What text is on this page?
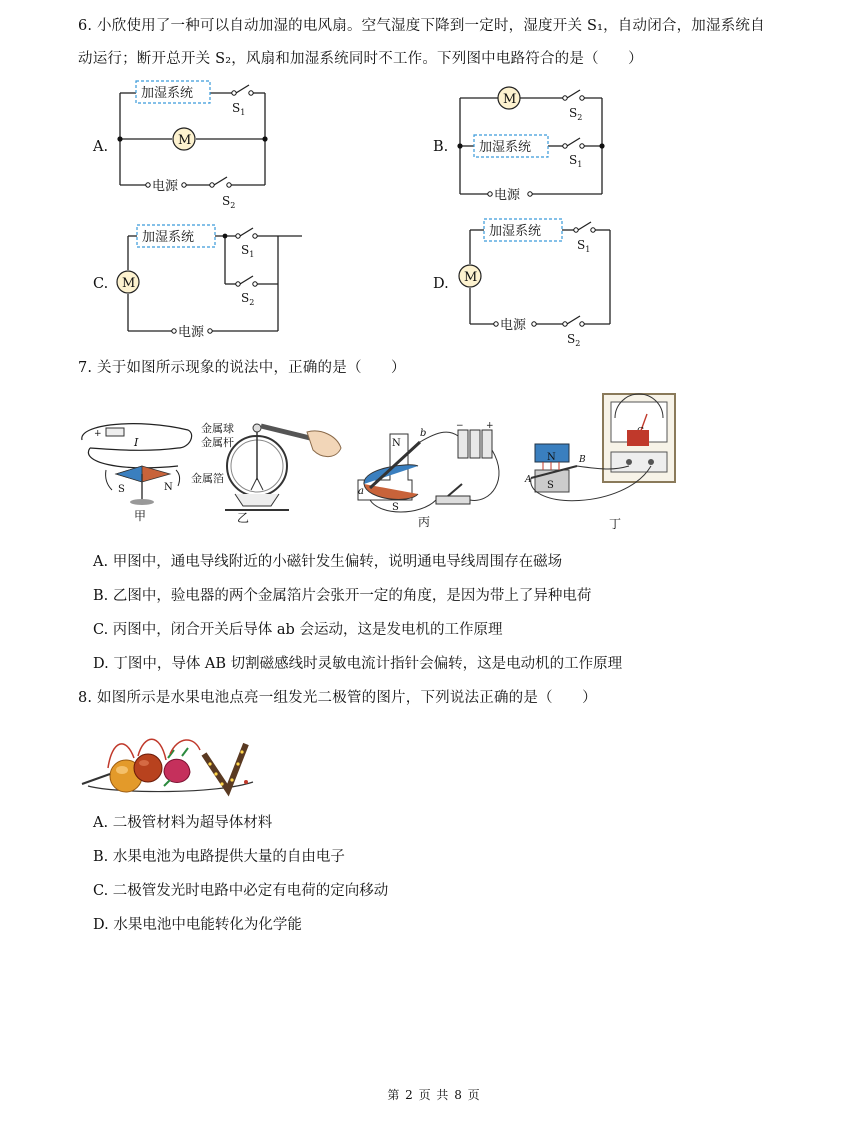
6. 小欣使用了一种可以自动加湿的电风扇。空气湿度下降到一定时，湿度开关 S₁，自动闭合，加湿系统自
动运行；断开总开关 S₂，风扇和加湿系统同时不工作。下列图中电路符合的是（　　）
A.
加湿系统
M
电源
$S_1$
$S_2$
B.
M
加湿系统
电源
$S_2$
$S_1$
C.
加湿系统
M
电源
$S_1$
$S_2$
D.
加湿系统
M
电源
$S_1$
$S_2$
7. 关于如图所示现象的说法中，正确的是（　　）
+
I
S	N
甲
金属球
金属杆
金属箔
乙
N
S
a
b
− +
丙
N
S
A
B
丁
A. 甲图中，通电导线附近的小磁针发生偏转，说明通电导线周围存在磁场
B. 乙图中，验电器的两个金属箔片会张开一定的角度，是因为带上了异种电荷
C. 丙图中，闭合开关后导体 ab 会运动，这是发电机的工作原理
D. 丁图中，导体 AB 切割磁感线时灵敏电流计指针会偏转，这是电动机的工作原理
8. 如图所示是水果电池点亮一组发光二极管的图片，下列说法正确的是（　　）
A. 二极管材料为超导体材料
B. 水果电池为电路提供大量的自由电子
C. 二极管发光时电路中必定有电荷的定向移动
D. 水果电池中电能转化为化学能
第 2 页 共 8 页
